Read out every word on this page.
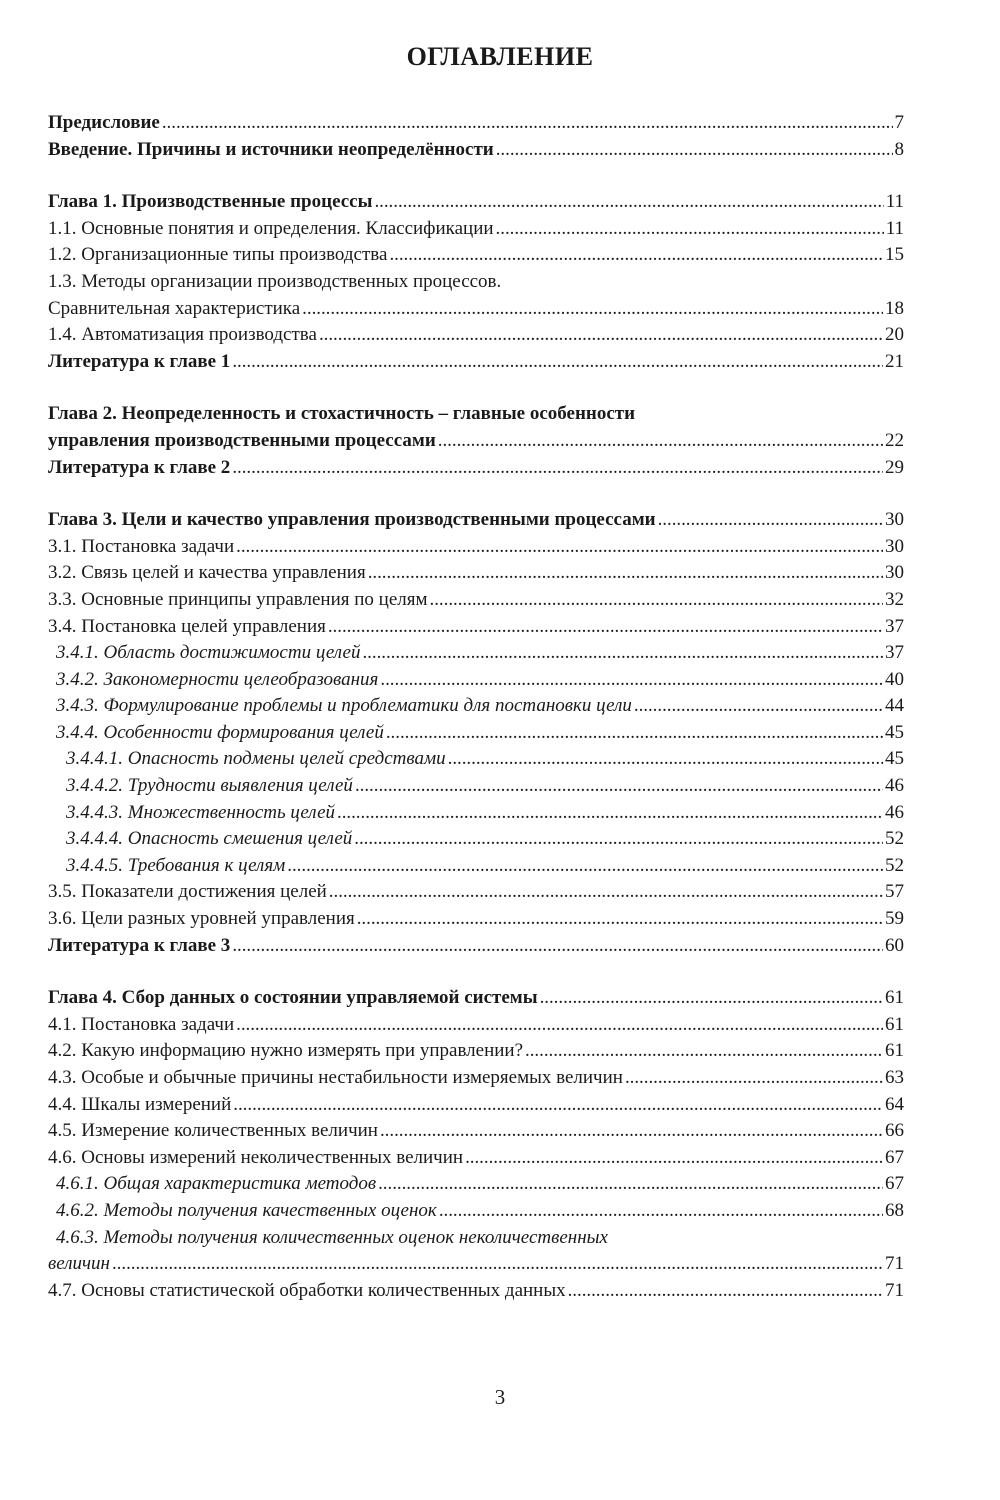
ОГЛАВЛЕНИЕ
Предисловие . . .	7
Введение. Причины и источники неопределённости . . .	8
Глава 1. Производственные процессы . . .	11
1.1. Основные понятия и определения. Классификации . . .	11
1.2. Организационные типы производства . . .	15
1.3. Методы организации производственных процессов.
Сравнительная характеристика . . .	18
1.4. Автоматизация производства . . .	20
Литература к главе 1 . . .	21
Глава 2. Неопределенность и стохастичность – главные особенности
управления производственными процессами . . .	22
Литература к главе 2 . . .	29
Глава 3. Цели и качество управления производственными процессами . . .	30
3.1. Постановка задачи . . .	30
3.2. Связь целей и качества управления . . .	30
3.3. Основные принципы управления по целям . . .	32
3.4. Постановка целей управления . . .	37
3.4.1. Область достижимости целей . . .	37
3.4.2. Закономерности целеобразования . . .	40
3.4.3. Формулирование проблемы и проблематики для постановки цели . . .	44
3.4.4. Особенности формирования целей . . .	45
3.4.4.1. Опасность подмены целей средствами . . .	45
3.4.4.2. Трудности выявления целей . . .	46
3.4.4.3. Множественность целей . . .	46
3.4.4.4. Опасность смешения целей . . .	52
3.4.4.5. Требования к целям . . .	52
3.5. Показатели достижения целей . . .	57
3.6. Цели разных уровней управления . . .	59
Литература к главе 3 . . .	60
Глава 4. Сбор данных о состоянии управляемой системы . . .	61
4.1. Постановка задачи . . .	61
4.2. Какую информацию нужно измерять при управлении? . . .	61
4.3. Особые и обычные причины нестабильности измеряемых величин . . .	63
4.4. Шкалы измерений . . .	64
4.5. Измерение количественных величин . . .	66
4.6. Основы измерений неколичественных величин . . .	67
4.6.1. Общая характеристика методов . . .	67
4.6.2. Методы получения качественных оценок . . .	68
4.6.3. Методы получения количественных оценок неколичественных
величин . . .	71
4.7. Основы статистической обработки количественных данных . . .	71
3
